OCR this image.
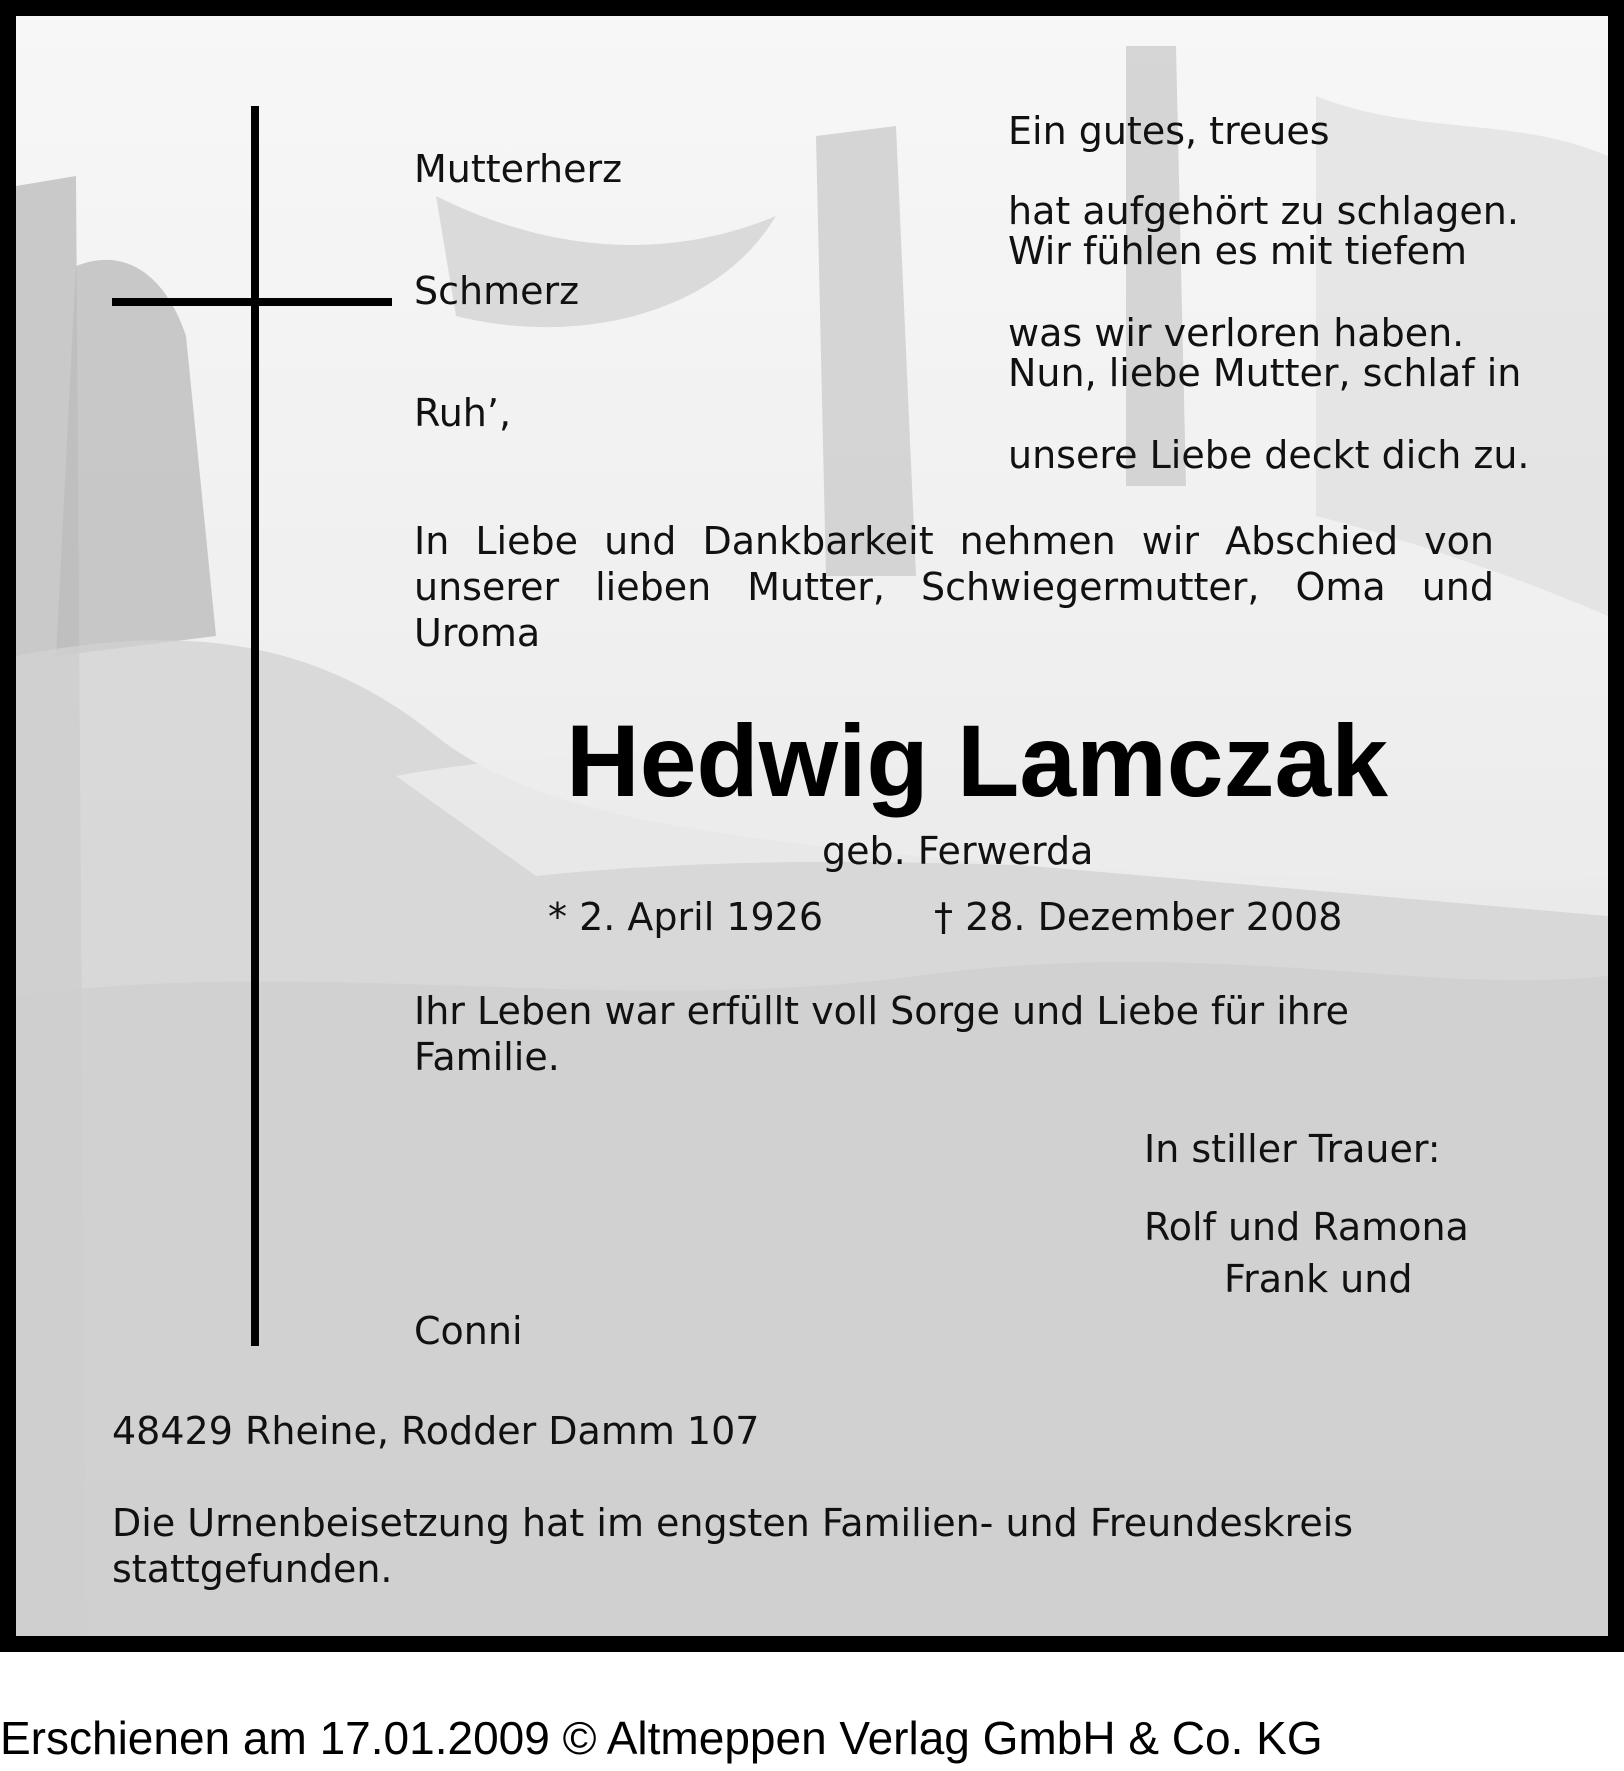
Mutterherz

Schmerz

Ruh’,

Ein gutes, treues

hat aufgehört zu schlagen.

Wir fühlen es mit tiefem

was wir verloren haben.

Nun, liebe Mutter, schlaf in

unsere Liebe deckt dich zu.

In Liebe und Dankbarkeit nehmen wir Abschied von unserer lieben Mutter, Schwiegermutter, Oma und Uroma

Hedwig Lamczak

geb. Ferwerda

* 2. April 1926	† 28. Dezember 2008

Ihr Leben war erfüllt voll Sorge und Liebe für ihre Familie.

In stiller Trauer:

Rolf und Ramona

Frank und

Conni

48429 Rheine, Rodder Damm 107

Die Urnenbeisetzung hat im engsten Familien- und Freundeskreis stattgefunden.

Erschienen am 17.01.2009 © Altmeppen Verlag GmbH & Co. KG
